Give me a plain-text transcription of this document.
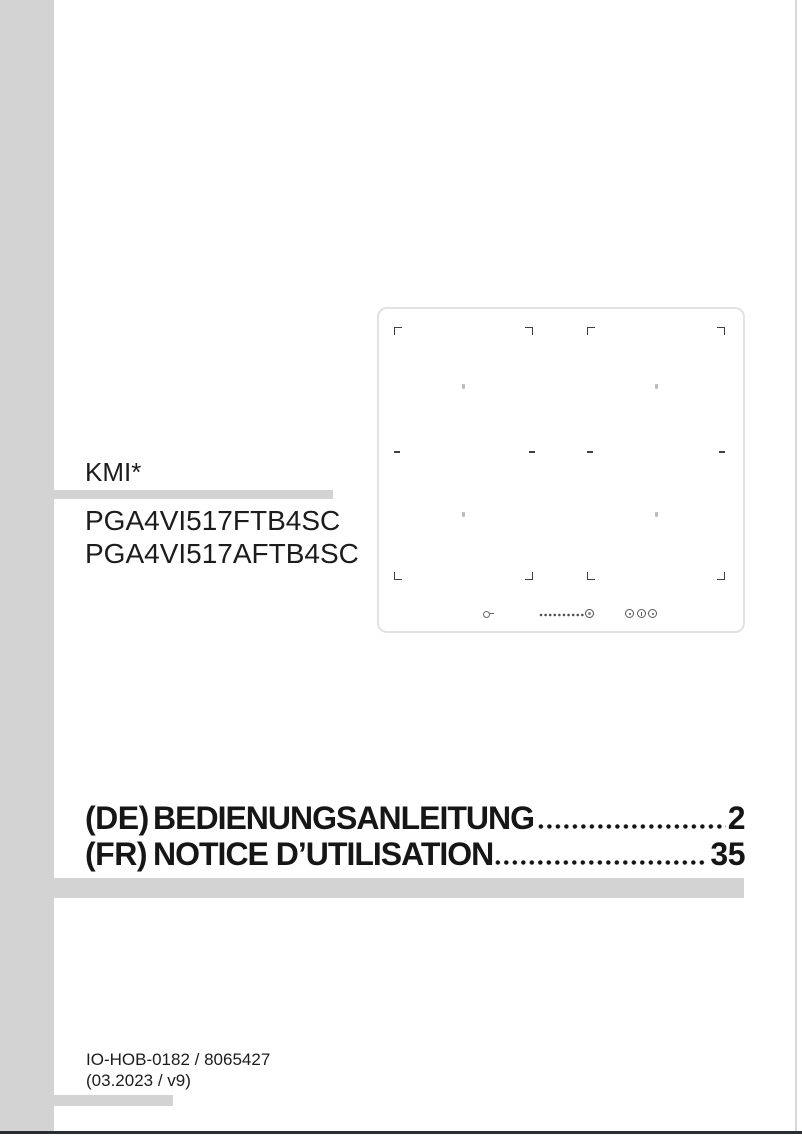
KMI*
PGA4VI517FTB4SC
PGA4VI517AFTB4SC
(DE) BEDIENUNGSANLEITUNG	2
(FR) NOTICE D’UTILISATION	35
IO-HOB-0182 / 8065427
(03.2023 / v9)
